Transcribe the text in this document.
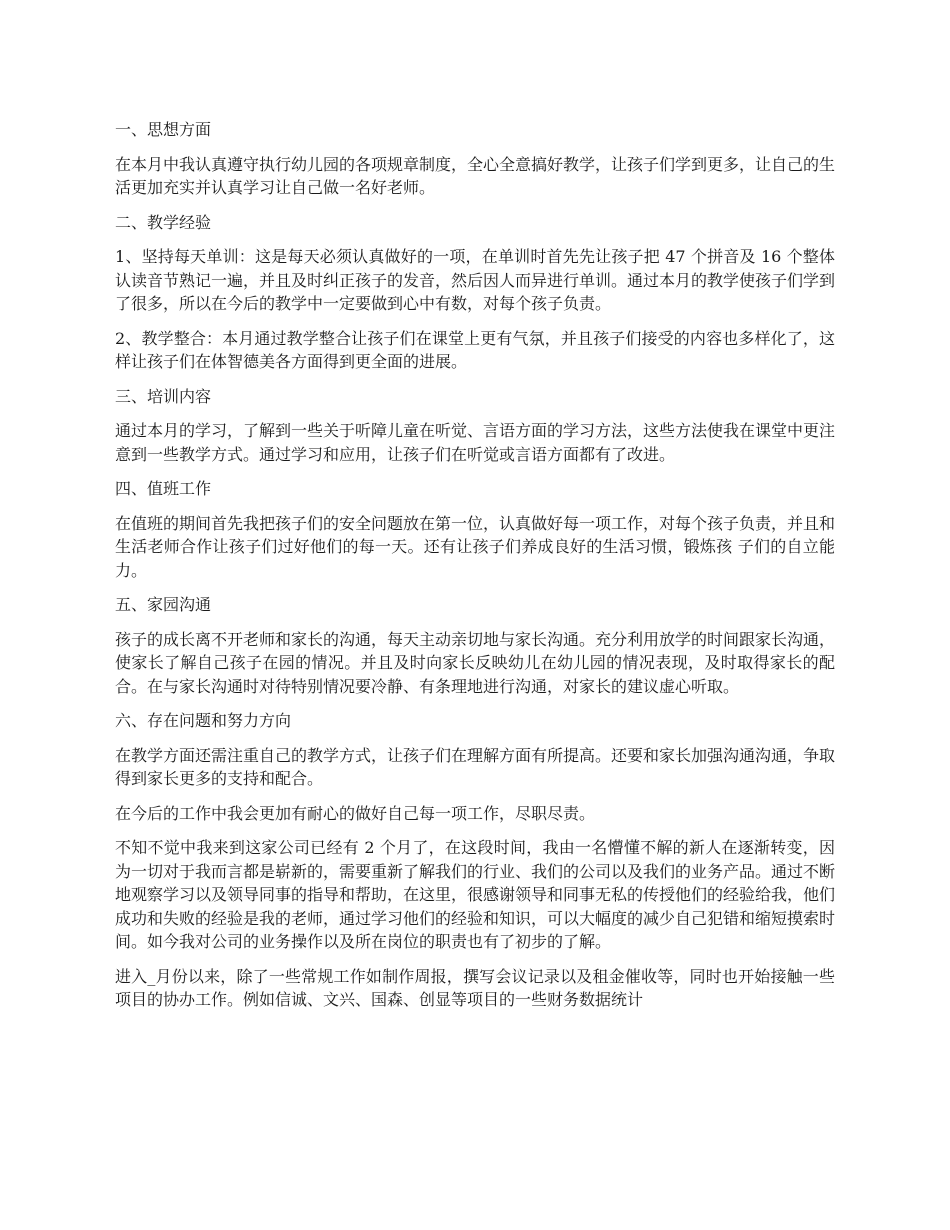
一、思想方面
在本月中我认真遵守执行幼儿园的各项规章制度，全心全意搞好教学，让孩子们学到更多，让自己的生活更加充实并认真学习让自己做一名好老师。
二、教学经验
1、坚持每天单训：这是每天必须认真做好的一项，在单训时首先先让孩子把 47 个拼音及 16 个整体认读音节熟记一遍，并且及时纠正孩子的发音，然后因人而异进行单训。通过本月的教学使孩子们学到了很多，所以在今后的教学中一定要做到心中有数，对每个孩子负责。
2、教学整合：本月通过教学整合让孩子们在课堂上更有气氛，并且孩子们接受的内容也多样化了，这样让孩子们在体智德美各方面得到更全面的进展。
三、培训内容
通过本月的学习，了解到一些关于听障儿童在听觉、言语方面的学习方法，这些方法使我在课堂中更注意到一些教学方式。通过学习和应用，让孩子们在听觉或言语方面都有了改进。
四、值班工作
在值班的期间首先我把孩子们的安全问题放在第一位，认真做好每一项工作，对每个孩子负责，并且和生活老师合作让孩子们过好他们的每一天。还有让孩子们养成良好的生活习惯，锻炼孩 子们的自立能力。
五、家园沟通
孩子的成长离不开老师和家长的沟通，每天主动亲切地与家长沟通。充分利用放学的时间跟家长沟通，使家长了解自己孩子在园的情况。并且及时向家长反映幼儿在幼儿园的情况表现，及时取得家长的配合。在与家长沟通时对待特别情况要冷静、有条理地进行沟通，对家长的建议虚心听取。
六、存在问题和努力方向
在教学方面还需注重自己的教学方式，让孩子们在理解方面有所提高。还要和家长加强沟通沟通，争取得到家长更多的支持和配合。
在今后的工作中我会更加有耐心的做好自己每一项工作，尽职尽责。
不知不觉中我来到这家公司已经有 2 个月了，在这段时间，我由一名懵懂不解的新人在逐渐转变，因为一切对于我而言都是崭新的，需要重新了解我们的行业、我们的公司以及我们的业务产品。通过不断地观察学习以及领导同事的指导和帮助，在这里，很感谢领导和同事无私的传授他们的经验给我，他们成功和失败的经验是我的老师，通过学习他们的经验和知识，可以大幅度的减少自己犯错和缩短摸索时间。如今我对公司的业务操作以及所在岗位的职责也有了初步的了解。
进入_月份以来，除了一些常规工作如制作周报，撰写会议记录以及租金催收等，同时也开始接触一些项目的协办工作。例如信诚、文兴、国森、创显等项目的一些财务数据统计
